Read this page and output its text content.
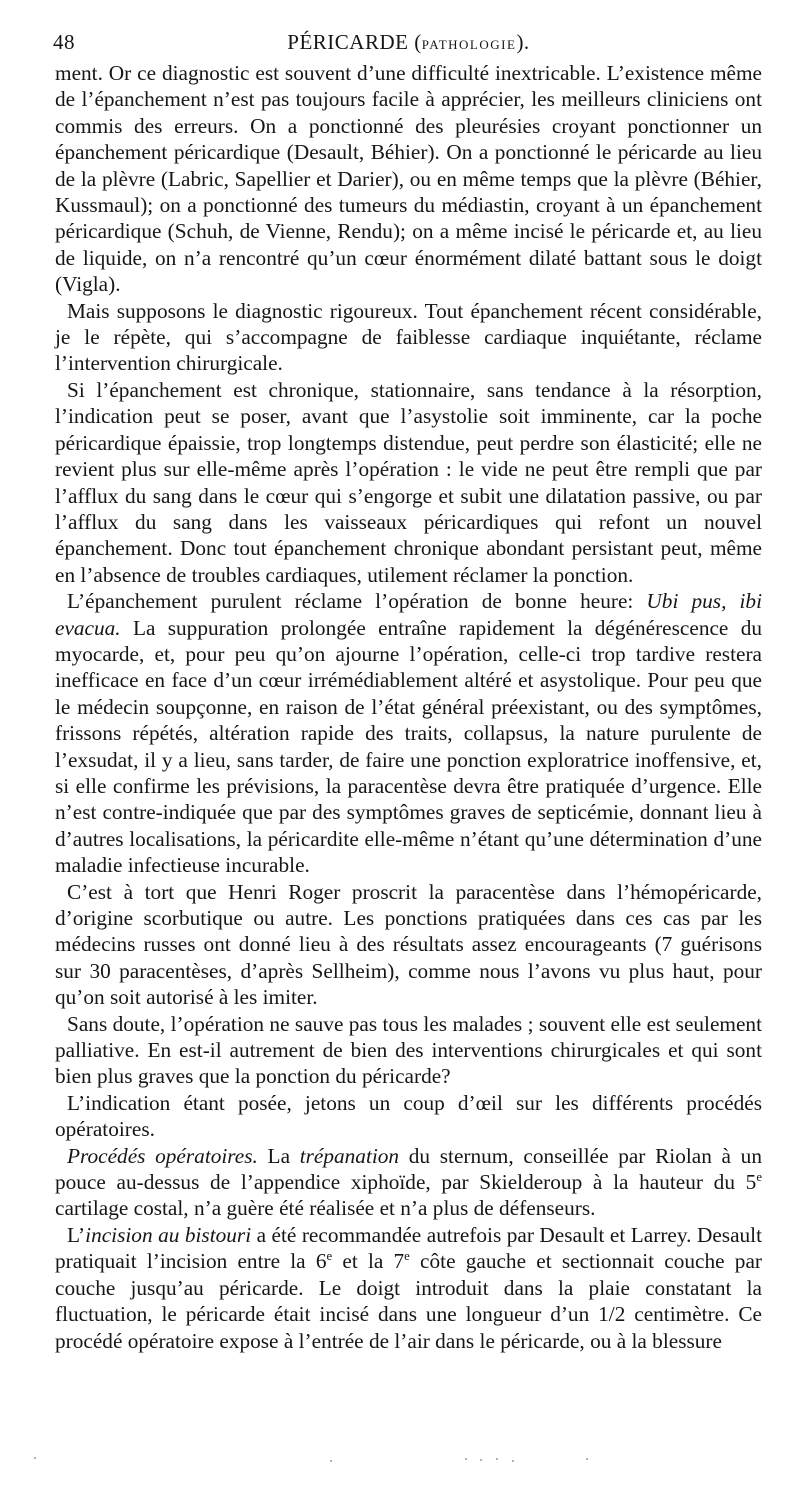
48	PÉRICARDE (PATHOLOGIE).

ment. Or ce diagnostic est souvent d’une difficulté inextricable. L’existence même de l’épanchement n’est pas toujours facile à apprécier, les meilleurs cliniciens ont commis des erreurs. On a ponctionné des pleurésies croyant ponctionner un épanchement péricardique (Desault, Béhier). On a ponctionné le péricarde au lieu de la plèvre (Labric, Sapellier et Darier), ou en même temps que la plèvre (Béhier, Kussmaul); on a ponctionné des tumeurs du médiastin, croyant à un épanchement péricardique (Schuh, de Vienne, Rendu); on a même incisé le péricarde et, au lieu de liquide, on n’a rencontré qu’un cœur énormément dilaté battant sous le doigt (Vigla).

Mais supposons le diagnostic rigoureux. Tout épanchement récent considérable, je le répète, qui s’accompagne de faiblesse cardiaque inquiétante, réclame l’intervention chirurgicale.

Si l’épanchement est chronique, stationnaire, sans tendance à la résorption, l’indication peut se poser, avant que l’asystolie soit imminente, car la poche péricardique épaissie, trop longtemps distendue, peut perdre son élasticité; elle ne revient plus sur elle-même après l’opération : le vide ne peut être rempli que par l’afflux du sang dans le cœur qui s’engorge et subit une dilatation passive, ou par l’afflux du sang dans les vaisseaux péricardiques qui refont un nouvel épanchement. Donc tout épanchement chronique abondant persistant peut, même en l’absence de troubles cardiaques, utilement réclamer la ponction.

L’épanchement purulent réclame l’opération de bonne heure: Ubi pus, ibi evacua. La suppuration prolongée entraîne rapidement la dégénérescence du myocarde, et, pour peu qu’on ajourne l’opération, celle-ci trop tardive restera inefficace en face d’un cœur irrémédiablement altéré et asystolique. Pour peu que le médecin soupçonne, en raison de l’état général préexistant, ou des symptômes, frissons répétés, altération rapide des traits, collapsus, la nature purulente de l’exsudat, il y a lieu, sans tarder, de faire une ponction exploratrice inoffensive, et, si elle confirme les prévisions, la paracentèse devra être pratiquée d’urgence. Elle n’est contre-indiquée que par des symptômes graves de septicémie, donnant lieu à d’autres localisations, la péricardite elle-même n’étant qu’une détermination d’une maladie infectieuse incurable.

C’est à tort que Henri Roger proscrit la paracentèse dans l’hémopéricarde, d’origine scorbutique ou autre. Les ponctions pratiquées dans ces cas par les médecins russes ont donné lieu à des résultats assez encourageants (7 guérisons sur 30 paracentèses, d’après Sellheim), comme nous l’avons vu plus haut, pour qu’on soit autorisé à les imiter.

Sans doute, l’opération ne sauve pas tous les malades ; souvent elle est seulement palliative. En est-il autrement de bien des interventions chirurgicales et qui sont bien plus graves que la ponction du péricarde?

L’indication étant posée, jetons un coup d’œil sur les différents procédés opératoires.

Procédés opératoires. La trépanation du sternum, conseillée par Riolan à un pouce au-dessus de l’appendice xiphoïde, par Skielderoup à la hauteur du 5e cartilage costal, n’a guère été réalisée et n’a plus de défenseurs.

L’incision au bistouri a été recommandée autrefois par Desault et Larrey. Desault pratiquait l’incision entre la 6e et la 7e côte gauche et sectionnait couche par couche jusqu’au péricarde. Le doigt introduit dans la plaie constatant la fluctuation, le péricarde était incisé dans une longueur d’un 1/2 centimètre. Ce procédé opératoire expose à l’entrée de l’air dans le péricarde, ou à la blessure
